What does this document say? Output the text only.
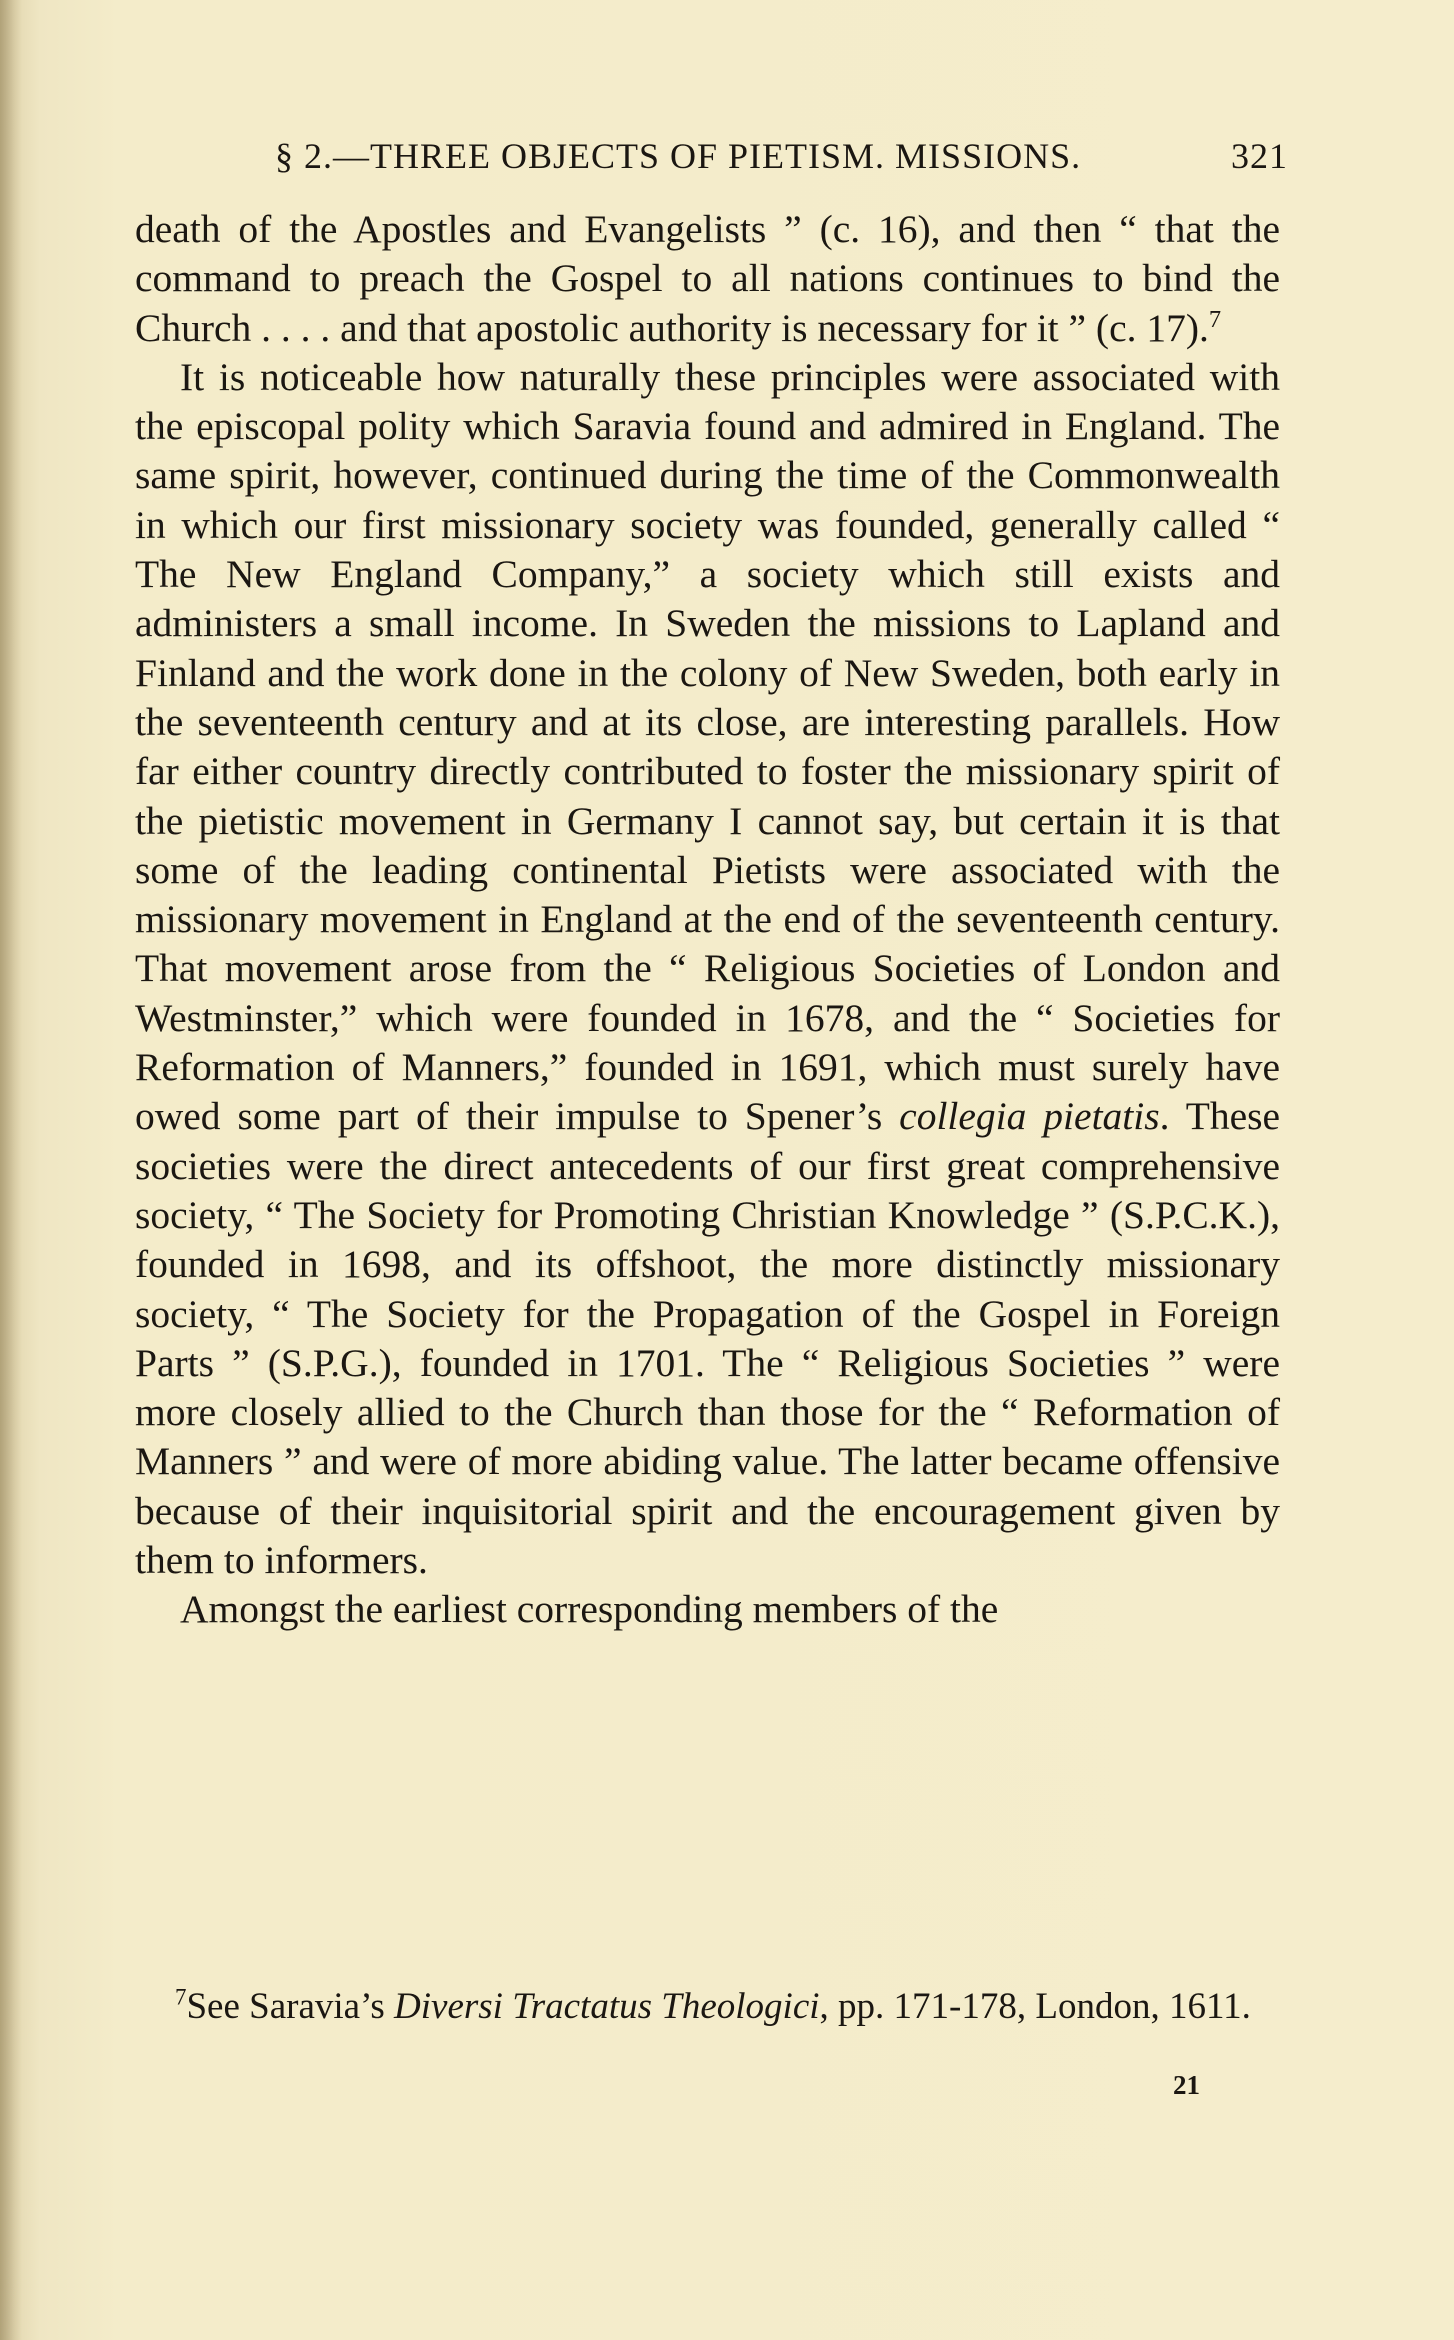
§ 2.—THREE OBJECTS OF PIETISM. MISSIONS.	321

death of the Apostles and Evangelists ” (c. 16), and then “ that the command to preach the Gospel to all nations continues to bind the Church . . . . and that apostolic authority is necessary for it ” (c. 17).$^7$

It is noticeable how naturally these principles were associated with the episcopal polity which Saravia found and admired in England. The same spirit, however, continued during the time of the Commonwealth in which our first missionary society was founded, generally called “ The New England Company,” a society which still exists and administers a small income. In Sweden the missions to Lapland and Finland and the work done in the colony of New Sweden, both early in the seventeenth century and at its close, are interesting parallels. How far either country directly contributed to foster the missionary spirit of the pietistic movement in Germany I cannot say, but certain it is that some of the leading continental Pietists were associated with the missionary movement in England at the end of the seventeenth century. That movement arose from the “ Religious Societies of London and Westminster,” which were founded in 1678, and the “ Societies for Reformation of Manners,” founded in 1691, which must surely have owed some part of their impulse to Spener’s collegia pietatis. These societies were the direct antecedents of our first great comprehensive society, “ The Society for Promoting Christian Knowledge ” (S.P.C.K.), founded in 1698, and its offshoot, the more distinctly missionary society, “ The Society for the Propagation of the Gospel in Foreign Parts ” (S.P.G.), founded in 1701. The “ Religious Societies ” were more closely allied to the Church than those for the “ Reformation of Manners ” and were of more abiding value. The latter became offensive because of their inquisitorial spirit and the encouragement given by them to informers.

Amongst the earliest corresponding members of the

$^7$See Saravia’s Diversi Tractatus Theologici, pp. 171-178, London, 1611.
21
